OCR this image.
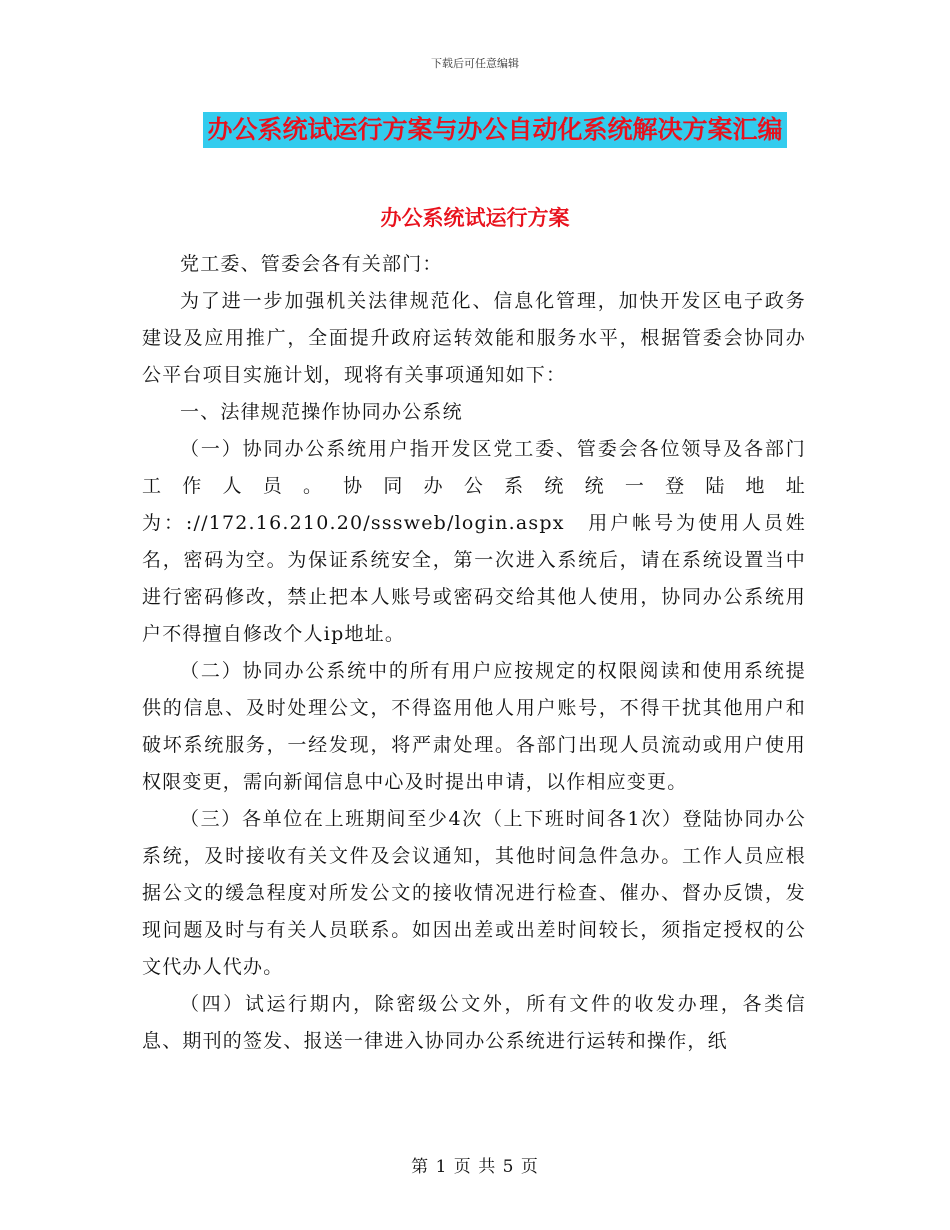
下载后可任意编辑
办公系统试运行方案与办公自动化系统解决方案汇编
办公系统试运行方案

党工委、管委会各有关部门：

为了进一步加强机关法律规范化、信息化管理，加快开发区电子政务建设及应用推广，全面提升政府运转效能和服务水平，根据管委会协同办公平台项目实施计划，现将有关事项通知如下：

一、法律规范操作协同办公系统

（一）协同办公系统用户指开发区党工委、管委会各位领导及各部门工作人员。协同办公系统统一登陆地址为：://172.16.210.20/sssweb/login.aspx　用户帐号为使用人员姓名，密码为空。为保证系统安全，第一次进入系统后，请在系统设置当中进行密码修改，禁止把本人账号或密码交给其他人使用，协同办公系统用户不得擅自修改个人ip地址。

（二）协同办公系统中的所有用户应按规定的权限阅读和使用系统提供的信息、及时处理公文，不得盗用他人用户账号，不得干扰其他用户和破坏系统服务，一经发现，将严肃处理。各部门出现人员流动或用户使用权限变更，需向新闻信息中心及时提出申请，以作相应变更。

（三）各单位在上班期间至少4次（上下班时间各1次）登陆协同办公系统，及时接收有关文件及会议通知，其他时间急件急办。工作人员应根据公文的缓急程度对所发公文的接收情况进行检查、催办、督办反馈，发现问题及时与有关人员联系。如因出差或出差时间较长，须指定授权的公文代办人代办。

（四）试运行期内，除密级公文外，所有文件的收发办理，各类信息、期刊的签发、报送一律进入协同办公系统进行运转和操作，纸

第 1 页 共 5 页
